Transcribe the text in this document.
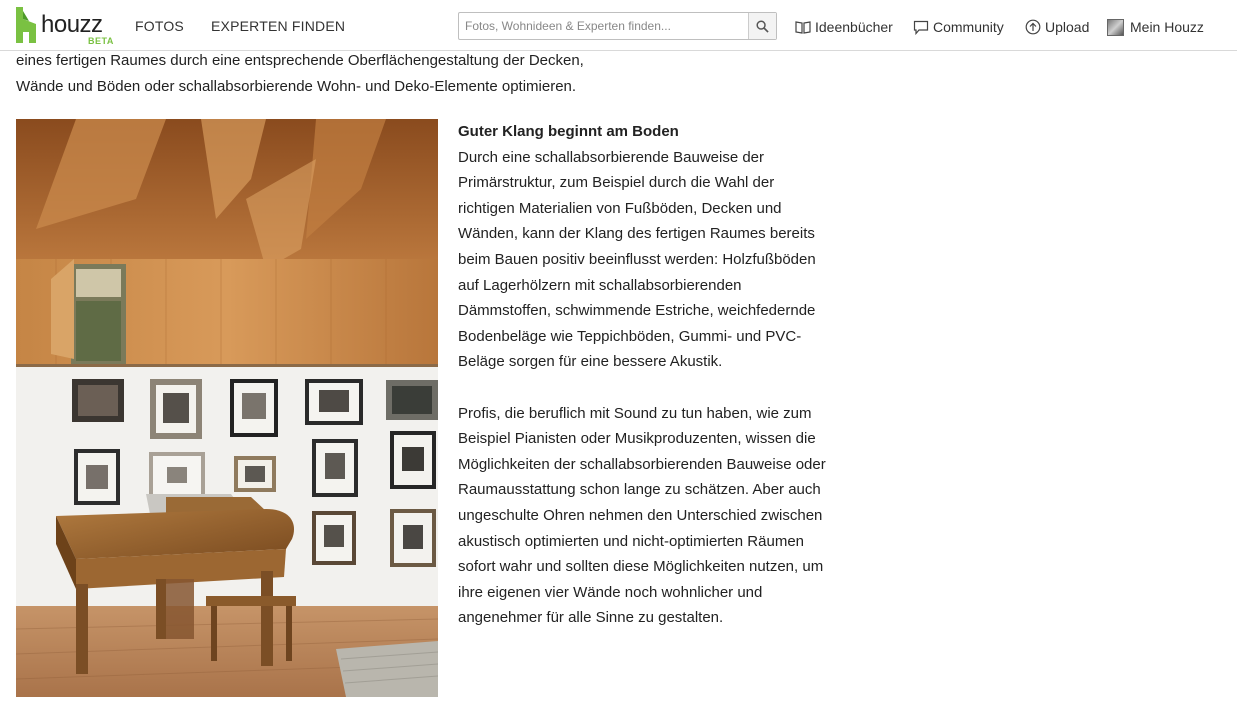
houzz
BETA
FOTOS EXPERTEN FINDEN
Fotos, Wohnideen & Experten finden...	Ideenbücher	Community	Upload	Mein Houzz
eines fertigen Raumes durch eine entsprechende Oberflächengestaltung der Decken,
Wände und Böden oder schallabsorbierende Wohn- und Deko-Elemente optimieren.
Guter Klang beginnt am Boden

Durch eine schallabsorbierende Bauweise der Primärstruktur, zum Beispiel durch die Wahl der richtigen Materialien von Fußböden, Decken und Wänden, kann der Klang des fertigen Raumes bereits beim Bauen positiv beeinflusst werden: Holzfußböden auf Lagerhölzern mit schallabsorbierenden Dämmstoffen, schwimmende Estriche, weichfedernde Bodenbeläge wie Teppichböden, Gummi- und PVC-Beläge sorgen für eine bessere Akustik.

Profis, die beruflich mit Sound zu tun haben, wie zum Beispiel Pianisten oder Musikproduzenten, wissen die Möglichkeiten der schallabsorbierenden Bauweise oder Raumausstattung schon lange zu schätzen. Aber auch ungeschulte Ohren nehmen den Unterschied zwischen akustisch optimierten und nicht-optimierten Räumen sofort wahr und sollten diese Möglichkeiten nutzen, um ihre eigenen vier Wände noch wohnlicher und angenehmer für alle Sinne zu gestalten.
